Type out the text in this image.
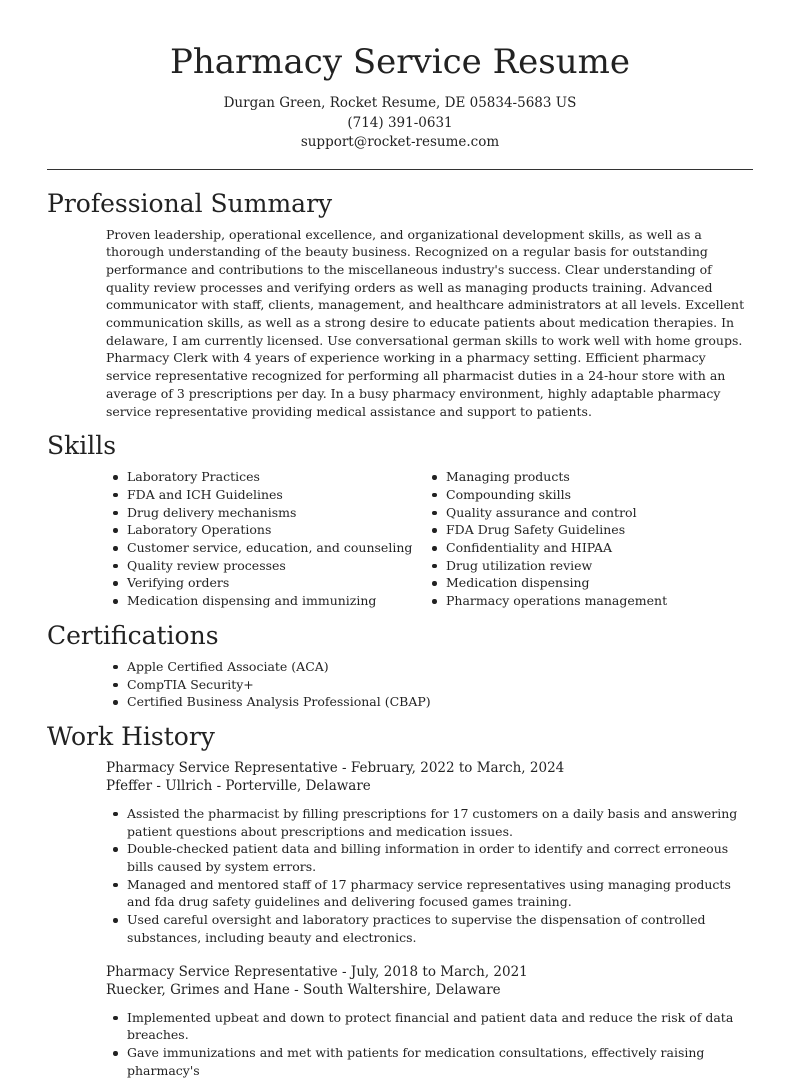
Pharmacy Service Resume
Durgan Green, Rocket Resume, DE 05834-5683 US
(714) 391-0631
support@rocket-resume.com
Professional Summary

Proven leadership, operational excellence, and organizational development skills, as well as a thorough understanding of the beauty business. Recognized on a regular basis for outstanding performance and contributions to the miscellaneous industry's success. Clear understanding of quality review processes and verifying orders as well as managing products training. Advanced communicator with staff, clients, management, and healthcare administrators at all levels. Excellent communication skills, as well as a strong desire to educate patients about medication therapies. In delaware, I am currently licensed. Use conversational german skills to work well with home groups. Pharmacy Clerk with 4 years of experience working in a pharmacy setting. Efficient pharmacy service representative recognized for performing all pharmacist duties in a 24-hour store with an average of 3 prescriptions per day. In a busy pharmacy environment, highly adaptable pharmacy service representative providing medical assistance and support to patients.

Skills
Laboratory Practices
FDA and ICH Guidelines
Drug delivery mechanisms
Laboratory Operations
Customer service, education, and counseling
Quality review processes
Verifying orders
Medication dispensing and immunizing
Managing products
Compounding skills
Quality assurance and control
FDA Drug Safety Guidelines
Confidentiality and HIPAA
Drug utilization review
Medication dispensing
Pharmacy operations management
Certifications
Apple Certified Associate (ACA)
CompTIA Security+
Certified Business Analysis Professional (CBAP)
Work History
Pharmacy Service Representative - February, 2022 to March, 2024
Pfeffer - Ullrich - Porterville, Delaware
Assisted the pharmacist by filling prescriptions for 17 customers on a daily basis and answering patient questions about prescriptions and medication issues.
Double-checked patient data and billing information in order to identify and correct erroneous bills caused by system errors.
Managed and mentored staff of 17 pharmacy service representatives using managing products and fda drug safety guidelines and delivering focused games training.
Used careful oversight and laboratory practices to supervise the dispensation of controlled substances, including beauty and electronics.
Pharmacy Service Representative - July, 2018 to March, 2021
Ruecker, Grimes and Hane - South Waltershire, Delaware
Implemented upbeat and down to protect financial and patient data and reduce the risk of data breaches.
Gave immunizations and met with patients for medication consultations, effectively raising pharmacy's
